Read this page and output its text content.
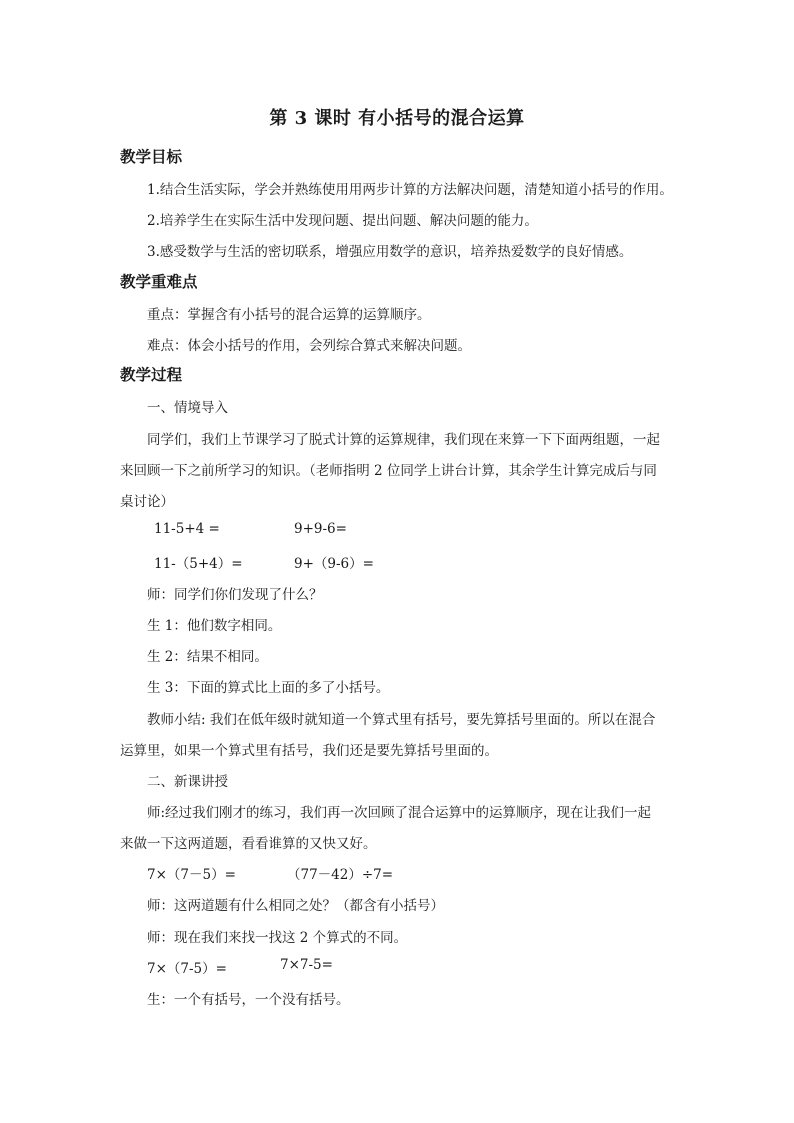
第 3 课时 有小括号的混合运算
教学目标
1.结合生活实际，学会并熟练使用用两步计算的方法解决问题，清楚知道小括号的作用。
2.培养学生在实际生活中发现问题、提出问题、解决问题的能力。
3.感受数学与生活的密切联系，增强应用数学的意识，培养热爱数学的良好情感。
教学重难点
重点：掌握含有小括号的混合运算的运算顺序。
难点：体会小括号的作用，会列综合算式来解决问题。
教学过程
一、情境导入
同学们，我们上节课学习了脱式计算的运算规律，我们现在来算一下下面两组题，一起
来回顾一下之前所学习的知识。（老师指明 2 位同学上讲台计算，其余学生计算完成后与同
桌讨论）
11-5+4 =	9+9-6=
11-（5+4）=	9+（9-6）=
师：同学们你们发现了什么？
生 1：他们数字相同。
生 2：结果不相同。
生 3：下面的算式比上面的多了小括号。
教师小结: 我们在低年级时就知道一个算式里有括号，要先算括号里面的。所以在混合
运算里，如果一个算式里有括号，我们还是要先算括号里面的。
二、新课讲授
师:经过我们刚才的练习，我们再一次回顾了混合运算中的运算顺序，现在让我们一起
来做一下这两道题，看看谁算的又快又好。
7×（7－5）=	（77－42）÷7=
师：这两道题有什么相同之处？（都含有小括号）
师：现在我们来找一找这 2 个算式的不同。
7×（7-5）=	7×7-5=
生：一个有括号，一个没有括号。
